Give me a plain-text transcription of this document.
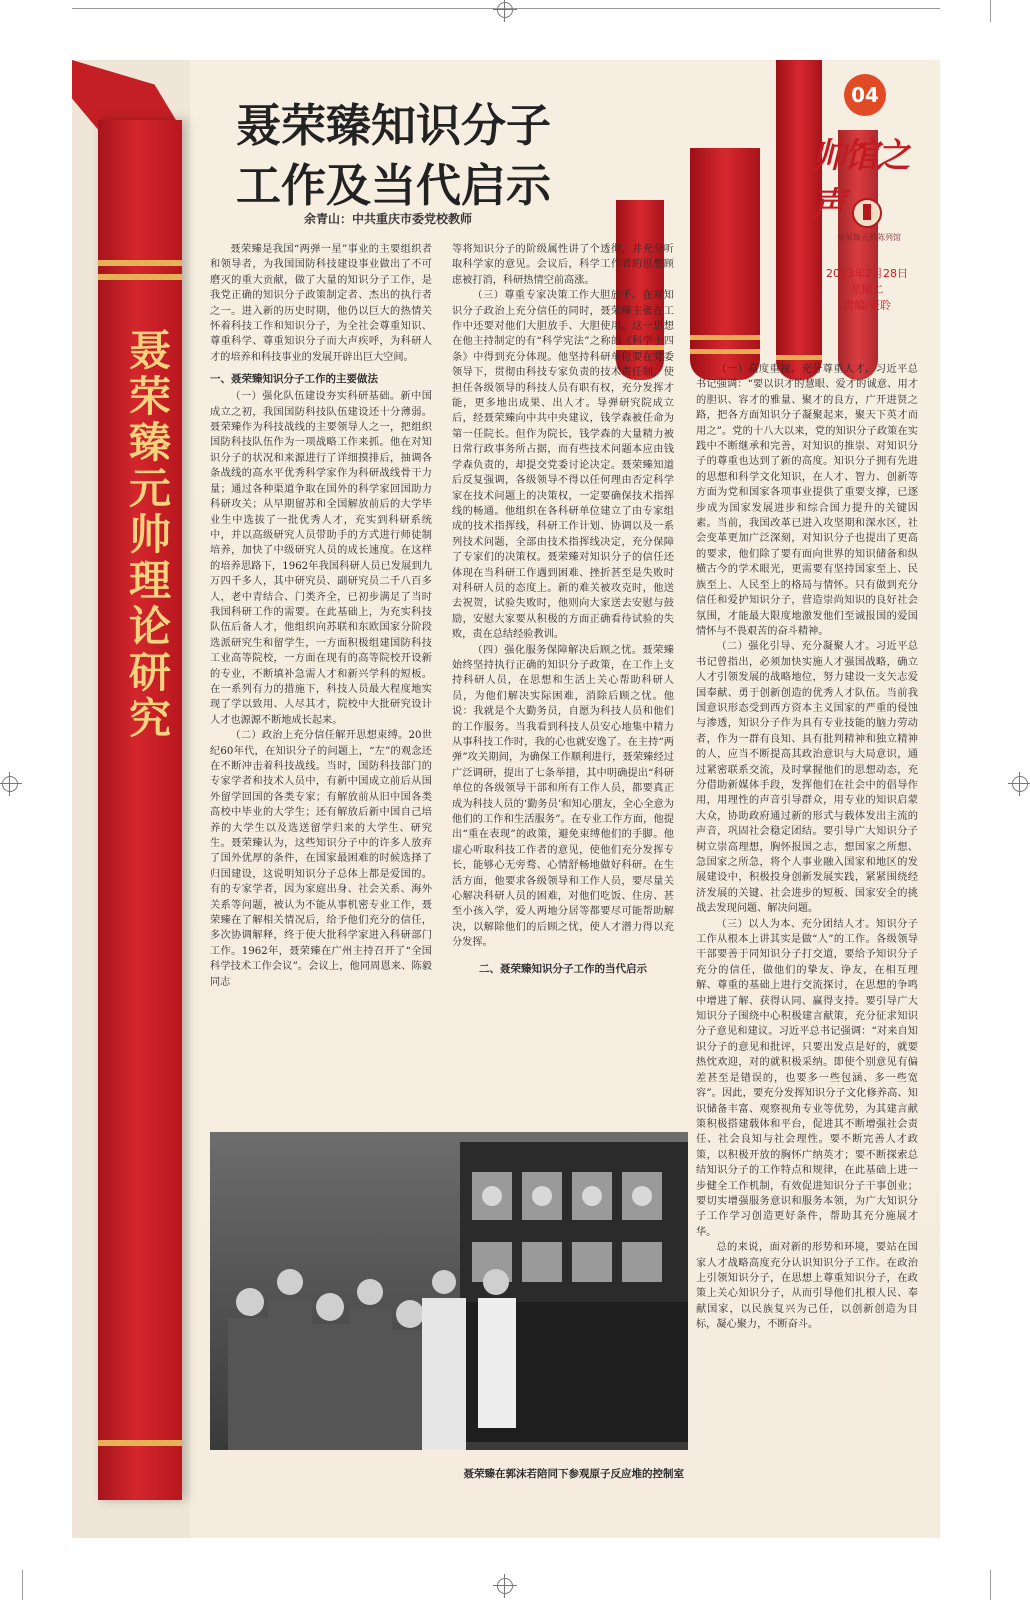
聂荣臻元帅理论研究
04
帅馆之声
聂荣臻元帅陈列馆
2023年2月28日
星期二
责编/聂聆
聂荣臻知识分子
工作及当代启示
余青山：中共重庆市委党校教师

聂荣臻是我国“两弹一星”事业的主要组织者和领导者，为我国国防科技建设事业做出了不可磨灭的重大贡献，做了大量的知识分子工作，是我党正确的知识分子政策制定者、杰出的执行者之一。进入新的历史时期，他仍以巨大的热情关怀着科技工作和知识分子，为全社会尊重知识、尊重科学、尊重知识分子而大声疾呼，为科研人才的培养和科技事业的发展开辟出巨大空间。

一、聂荣臻知识分子工作的主要做法

（一）强化队伍建设夯实科研基础。新中国成立之初，我国国防科技队伍建设还十分薄弱。聂荣臻作为科技战线的主要领导人之一，把组织国防科技队伍作为一项战略工作来抓。他在对知识分子的状况和来源进行了详细摸排后，抽调各条战线的高水平优秀科学家作为科研战线骨干力量；通过各种渠道争取在国外的科学家回国助力科研攻关；从早期留苏和全国解放前后的大学毕业生中选拔了一批优秀人才，充实到科研系统中，并以高级研究人员带助手的方式进行师徒制培养，加快了中级研究人员的成长速度。在这样的培养思路下，1962年我国科研人员已发展到九万四千多人，其中研究员、副研究员二千八百多人，老中青结合、门类齐全，已初步满足了当时我国科研工作的需要。在此基础上，为充实科技队伍后备人才，他组织向苏联和东欧国家分阶段选派研究生和留学生，一方面积极组建国防科技工业高等院校，一方面在现有的高等院校开设新的专业，不断填补急需人才和新兴学科的短板。在一系列有力的措施下，科技人员最大程度地实现了学以致用、人尽其才，院校中大批研究设计人才也源源不断地成长起来。

（二）政治上充分信任解开思想束缚。20世纪60年代，在知识分子的问题上，“左”的观念还在不断冲击着科技战线。当时，国防科技部门的专家学者和技术人员中，有新中国成立前后从国外留学回国的各类专家；有解放前从旧中国各类高校中毕业的大学生；还有解放后新中国自己培养的大学生以及选送留学归来的大学生、研究生。聂荣臻认为，这些知识分子中的许多人放弃了国外优厚的条件，在国家最困难的时候选择了归国建设，这说明知识分子总体上都是爱国的。有的专家学者，因为家庭出身、社会关系、海外关系等问题，被认为不能从事机密专业工作，聂荣臻在了解相关情况后，给予他们充分的信任，多次协调解释，终于使大批科学家进入科研部门工作。1962年，聂荣臻在广州主持召开了“全国科学技术工作会议”。会议上，他同周恩来、陈毅同志

等将知识分子的阶级属性讲了个透彻，并充分听取科学家的意见。会议后，科学工作者的思想顾虑被打消，科研热情空前高涨。

（三）尊重专家决策工作大胆放手。在对知识分子政治上充分信任的同时，聂荣臻主张在工作中还要对他们大胆放手、大胆使用。这一思想在他主持制定的有“科学宪法”之称的《科学十四条》中得到充分体现。他坚持科研单位要在党委领导下，贯彻由科技专家负责的技术责任制，使担任各级领导的科技人员有职有权，充分发挥才能，更多地出成果、出人才。导弹研究院成立后，经聂荣臻向中共中央建议，钱学森被任命为第一任院长。但作为院长，钱学森的大量精力被日常行政事务所占据，而有些技术问题本应由钱学森负责的，却提交党委讨论决定。聂荣臻知道后反复强调，各级领导不得以任何理由否定科学家在技术问题上的决策权，一定要确保技术指挥线的畅通。他组织在各科研单位建立了由专家组成的技术指挥线，科研工作计划、协调以及一系列技术问题，全部由技术指挥线决定，充分保障了专家们的决策权。聂荣臻对知识分子的信任还体现在当科研工作遇到困难、挫折甚至是失败时对科研人员的态度上。新的难关被攻克时，他送去祝贺，试验失败时，他则向大家送去安慰与鼓励，安慰大家要从积极的方面正确看待试验的失败，责在总结经验教训。

（四）强化服务保障解决后顾之忧。聂荣臻始终坚持执行正确的知识分子政策，在工作上支持科研人员，在思想和生活上关心帮助科研人员，为他们解决实际困难，消除后顾之忧。他说：我就是个大勤务员，自愿为科技人员和他们的工作服务。当我看到科技人员安心地集中精力从事科技工作时，我的心也就安逸了。在主持“两弹”攻关期间，为确保工作顺利进行，聂荣臻经过广泛调研，提出了七条举措，其中明确提出“科研单位的各级领导干部和所有工作人员，都要真正成为科技人员的‘勤务员’和知心朋友，全心全意为他们的工作和生活服务”。在专业工作方面，他提出“重在表现”的政策，避免束缚他们的手脚。他虚心听取科技工作者的意见，使他们充分发挥专长，能够心无旁骛、心情舒畅地做好科研。在生活方面，他要求各级领导和工作人员，要尽量关心解决科研人员的困难，对他们吃饭、住房、甚至小孩入学，爱人两地分居等都要尽可能帮助解决，以解除他们的后顾之忧，使人才潜力得以充分发挥。

二、聂荣臻知识分子工作的当代启示

（一）高度重视、充分尊重人才。习近平总书记强调：“要以识才的慧眼、爱才的诚意、用才的胆识、容才的雅量、聚才的良方，广开进贤之路，把各方面知识分子凝聚起来，聚天下英才而用之”。党的十八大以来，党的知识分子政策在实践中不断继承和完善，对知识的推崇、对知识分子的尊重也达到了新的高度。知识分子拥有先进的思想和科学文化知识，在人才、智力、创新等方面为党和国家各项事业提供了重要支撑，已逐步成为国家发展进步和综合国力提升的关键因素。当前，我国改革已进入攻坚期和深水区，社会变革更加广泛深刻，对知识分子也提出了更高的要求，他们除了要有面向世界的知识储备和纵横古今的学术眼光，更需要有坚持国家至上、民族至上、人民至上的格局与情怀。只有做到充分信任和爱护知识分子，营造崇尚知识的良好社会氛围，才能最大限度地激发他们至诚报国的爱国情怀与不畏艰苦的奋斗精神。

（二）强化引导、充分凝聚人才。习近平总书记曾指出，必须加快实施人才强国战略，确立人才引领发展的战略地位，努力建设一支矢志爱国奉献、勇于创新创造的优秀人才队伍。当前我国意识形态受到西方资本主义国家的严重的侵蚀与渗透，知识分子作为具有专业技能的脑力劳动者，作为一群有良知、具有批判精神和独立精神的人，应当不断提高其政治意识与大局意识，通过紧密联系交流，及时掌握他们的思想动态，充分借助新媒体手段，发挥他们在社会中的倡导作用，用理性的声音引导群众，用专业的知识启蒙大众，协助政府通过新的形式与载体发出主流的声音，巩固社会稳定团结。要引导广大知识分子树立崇高理想，胸怀报国之志，想国家之所想、急国家之所急，将个人事业融入国家和地区的发展建设中，积极投身创新发展实践，紧紧围绕经济发展的关键、社会进步的短板、国家安全的挑战去发现问题、解决问题。

（三）以人为本、充分团结人才。知识分子工作从根本上讲其实是做“人”的工作。各级领导干部要善于同知识分子打交道，要给予知识分子充分的信任，做他们的挚友、诤友，在相互理解、尊重的基础上进行交流探讨，在思想的争鸣中增进了解、获得认同、赢得支持。要引导广大知识分子围绕中心积极建言献策，充分征求知识分子意见和建议。习近平总书记强调：“对来自知识分子的意见和批评，只要出发点是好的，就要热忱欢迎，对的就积极采纳。即使个别意见有偏差甚至是错误的，也要多一些包涵、多一些宽容”。因此，要充分发挥知识分子文化修养高、知识储备丰富、观察视角专业等优势，为其建言献策积极搭建载体和平台，促进其不断增强社会责任、社会良知与社会理性。要不断完善人才政策，以积极开放的胸怀广纳英才；要不断探索总结知识分子的工作特点和规律，在此基础上进一步健全工作机制，有效促进知识分子干事创业；要切实增强服务意识和服务本领，为广大知识分子工作学习创造更好条件，帮助其充分施展才华。

总的来说，面对新的形势和环境，要站在国家人才战略高度充分认识知识分子工作。在政治上引领知识分子，在思想上尊重知识分子，在政策上关心知识分子，从而引导他们扎根人民、奉献国家，以民族复兴为己任，以创新创造为目标，凝心聚力，不断奋斗。

聂荣臻在郭沫若陪同下参观原子反应堆的控制室
